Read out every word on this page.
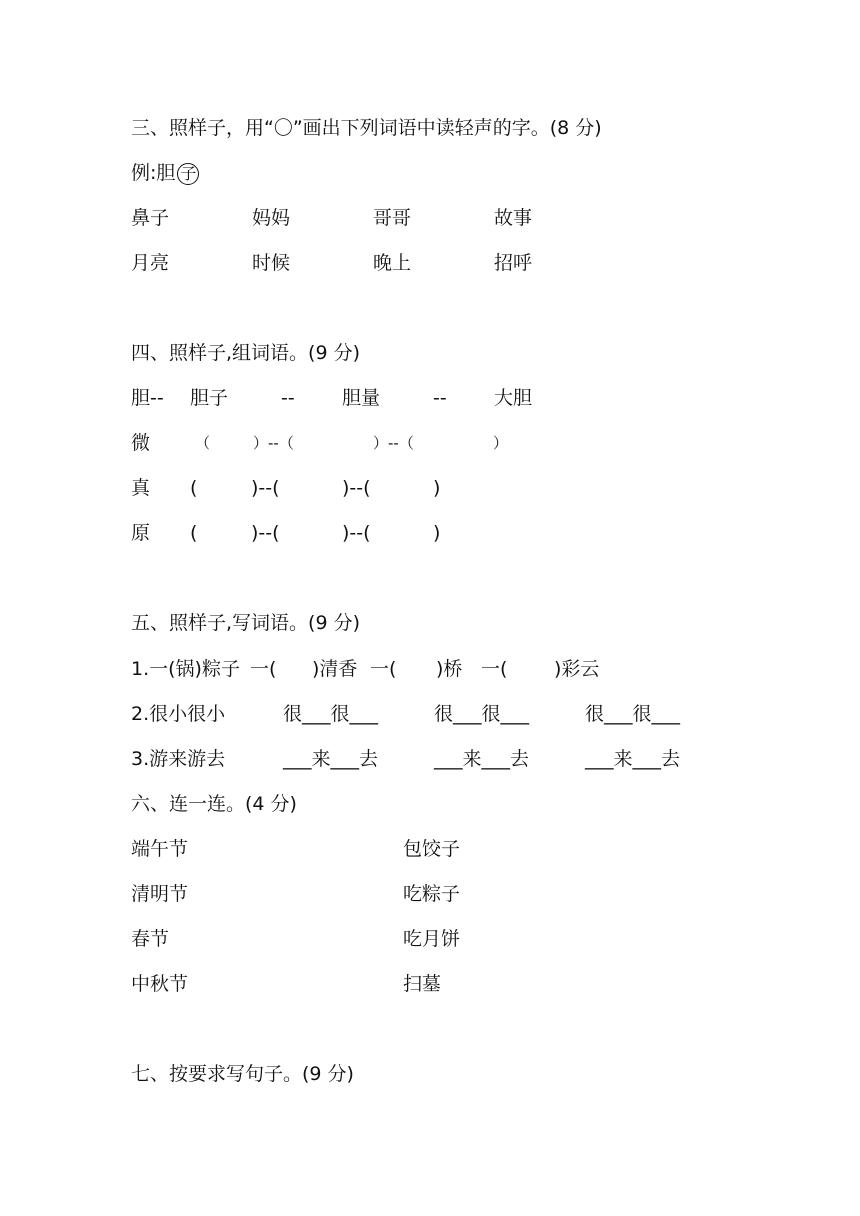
三、照样子，用“〇”画出下列词语中读轻声的字。(8 分)
例:胆 子
鼻子	妈妈	哥哥	故事
月亮	时候	晚上	招呼
四、照样子,组词语。(9 分)
胆-- 胆子	-- 胆量	-- 大胆
微	（	）--（	）--（	）
真 (	)--(	)--(	)
原 (	)--(	)--(	)
五、照样子,写词语。(9 分)
1.一(锅)粽子 一( )清香 一( )桥 一( )彩云
2.很小很小	很___很___	很___很___	很___很___
3.游来游去	___来___去	___来___去	___来___去
六、连一连。(4 分)
端午节	包饺子
清明节	吃粽子
春节	吃月饼
中秋节	扫墓
七、按要求写句子。(9 分)
